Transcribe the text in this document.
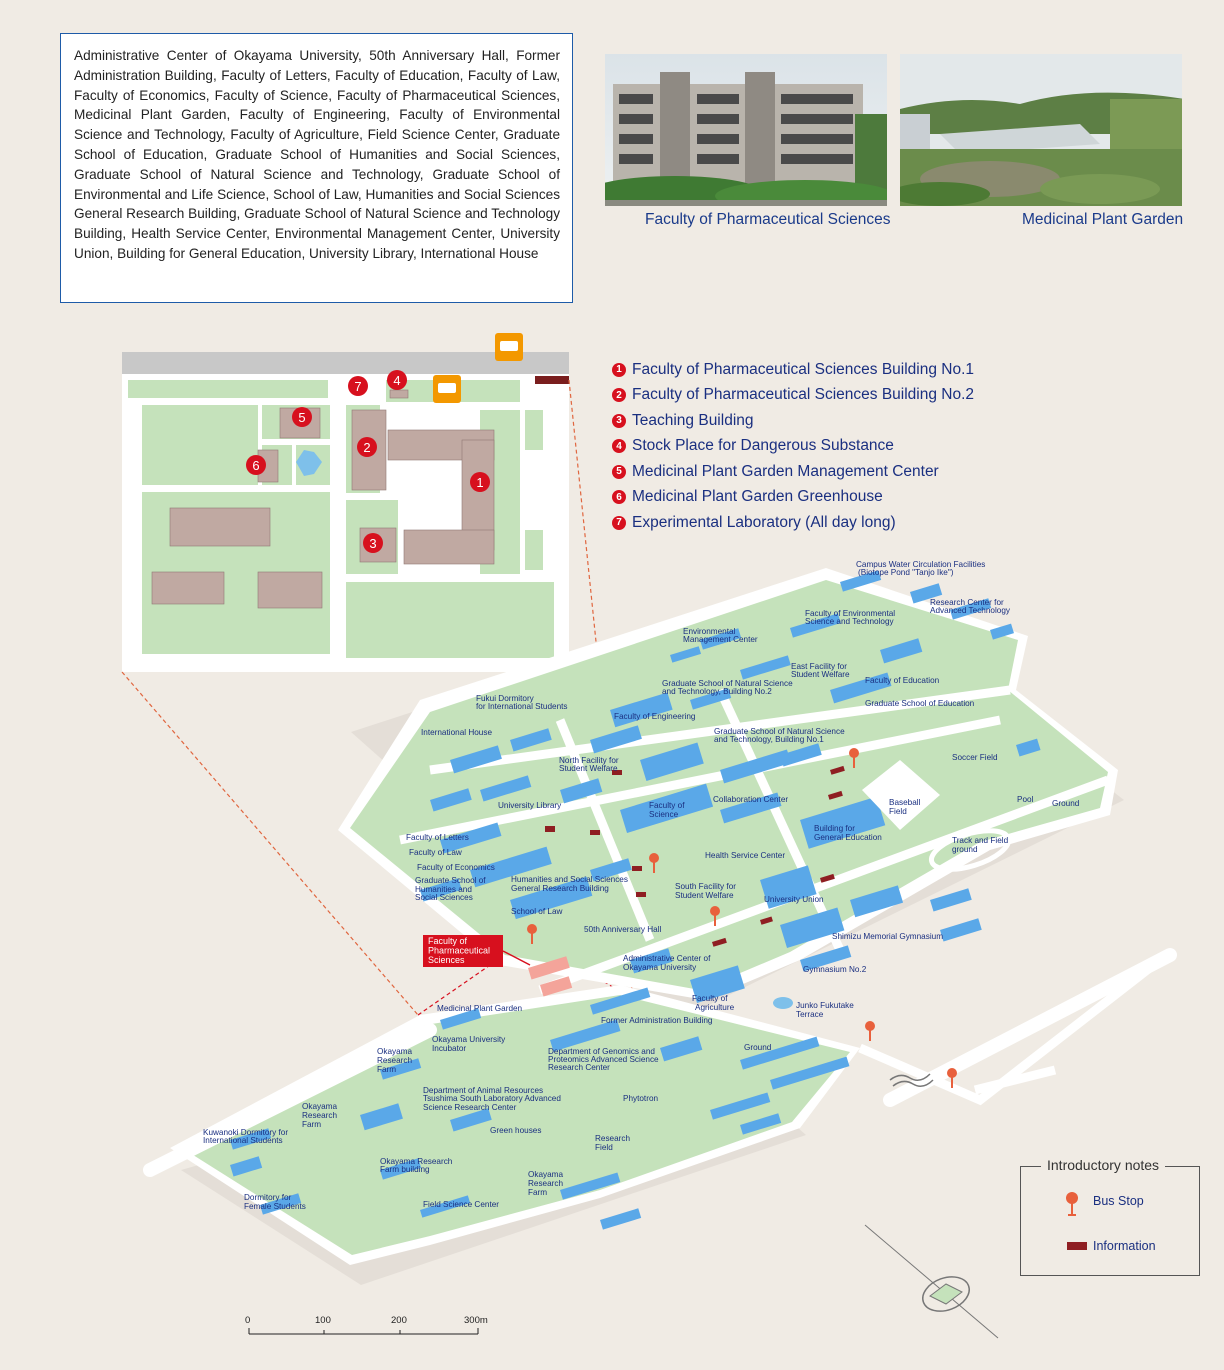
Administrative Center of Okayama University, 50th Anniversary Hall, Former Administration Building, Faculty of Letters, Faculty of Education, Faculty of Law, Faculty of Economics, Faculty of Science, Faculty of Pharmaceutical Sciences, Medicinal Plant Garden, Faculty of Engineering, Faculty of Environmental Science and Technology, Faculty of Agriculture, Field Science Center, Graduate School of Education, Graduate School of Humanities and Social Sciences, Graduate School of Natural Science and Technology, Graduate School of Environmental and Life Science, School of Law, Humanities and Social Sciences General Research Building, Graduate School of Natural Science and Technology Building, Health Service Center, Environmental Management Center, University Union, Building for General Education, University Library, International House
Faculty of Pharmaceutical Sciences	Medicinal Plant Garden
1 Faculty of Pharmaceutical Sciences Building No.1
2 Faculty of Pharmaceutical Sciences Building No.2
3 Teaching Building
4 Stock Place for Dangerous Substance
5 Medicinal Plant Garden Management Center
6 Medicinal Plant Garden Greenhouse
7 Experimental Laboratory (All day long)
1
2
3
4
5
6
7
Faculty of Pharmaceutical Sciences
Campus Water Circulation Facilities
(Biotope Pond "Tanjo Ike")
Research Center for
Advanced Technology
Faculty of Environmental
Science and Technology
Environmental
Management Center
East Facility for
Student Welfare
Faculty of Education
Graduate School of Natural Science
and Technology, Building No.2
Graduate School of Education
Fukui Dormitory
for International Students
Faculty of Engineering
International House	Graduate School of Natural Science
and Technology, Building No.1
North Facility for
Student Welfare
Soccer Field
University Library	Faculty of
Science
Collaboration Center	Baseball
Field
Pool Ground
Faculty of Letters
Faculty of Law
Building for
General Education	Track and Field
ground
Faculty of Economics
Health Service Center
Graduate School of
Humanities and
Social Sciences
Humanities and Social Sciences
General Research Building	South Facility for
Student Welfare	University Union
School of Law
50th Anniversary Hall
Shimizu Memorial Gymnasium
Administrative Center of
Okayama University	Gymnasium No.2
Faculty of
Agriculture	Junko Fukutake
Terrace
Medicinal Plant Garden
Former Administration Building
Okayama University
Incubator
Okayama
Research
Farm
Department of Genomics and
Proteomics Advanced Science
Research Center
Ground
Department of Animal Resources
Tsushima South Laboratory Advanced
Science Research Center
Phytotron
Okayama
Research
Farm
Kuwanoki Dormitory for
International Students
Green houses
Research
Field
Okayama Research
Farm building
Okayama
Research
Farm
Dormitory for
Female Students	Field Science Center
0	100	200	300m
Introductory notes
Bus Stop
Information
